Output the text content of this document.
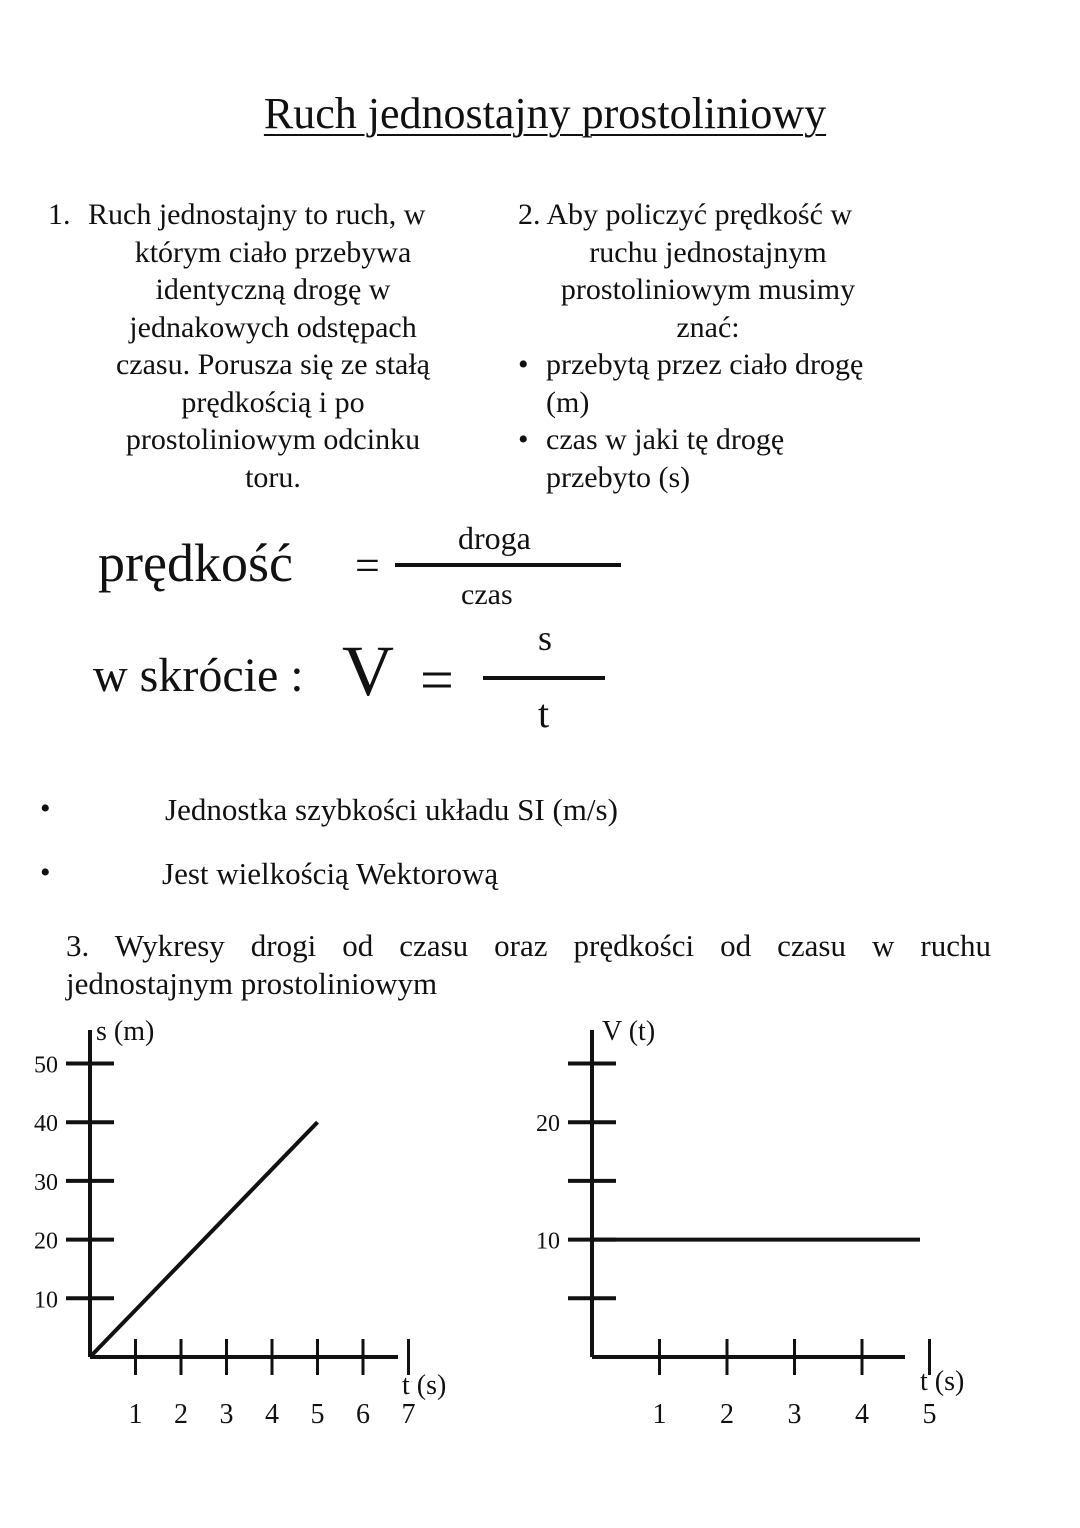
Ruch jednostajny prostoliniowy
1. Ruch jednostajny to ruch, w
którym ciało przebywa
identyczną drogę w
jednakowych odstępach
czasu. Porusza się ze stałą
prędkością i po
prostoliniowym odcinku
toru.
2. Aby policzyć prędkość w
ruchu jednostajnym
prostoliniowym musimy
znać:
• przebytą przez ciało drogę
(m)
• czas w jaki tę drogę
przebyto (s)
prędkość =
droga
czas
w skrócie : V =
s
t
•	Jednostka szybkości układu SI (m/s)
•	Jest wielkością Wektorową
3. Wykresy drogi od czasu oraz prędkości od czasu w ruchu
jednostajnym prostoliniowym
s (m)
t (s)
1 2 3 4 5 6 7
10
20
30
40
50
V (t)
t (s)
1 2 3 4 5
10
20
